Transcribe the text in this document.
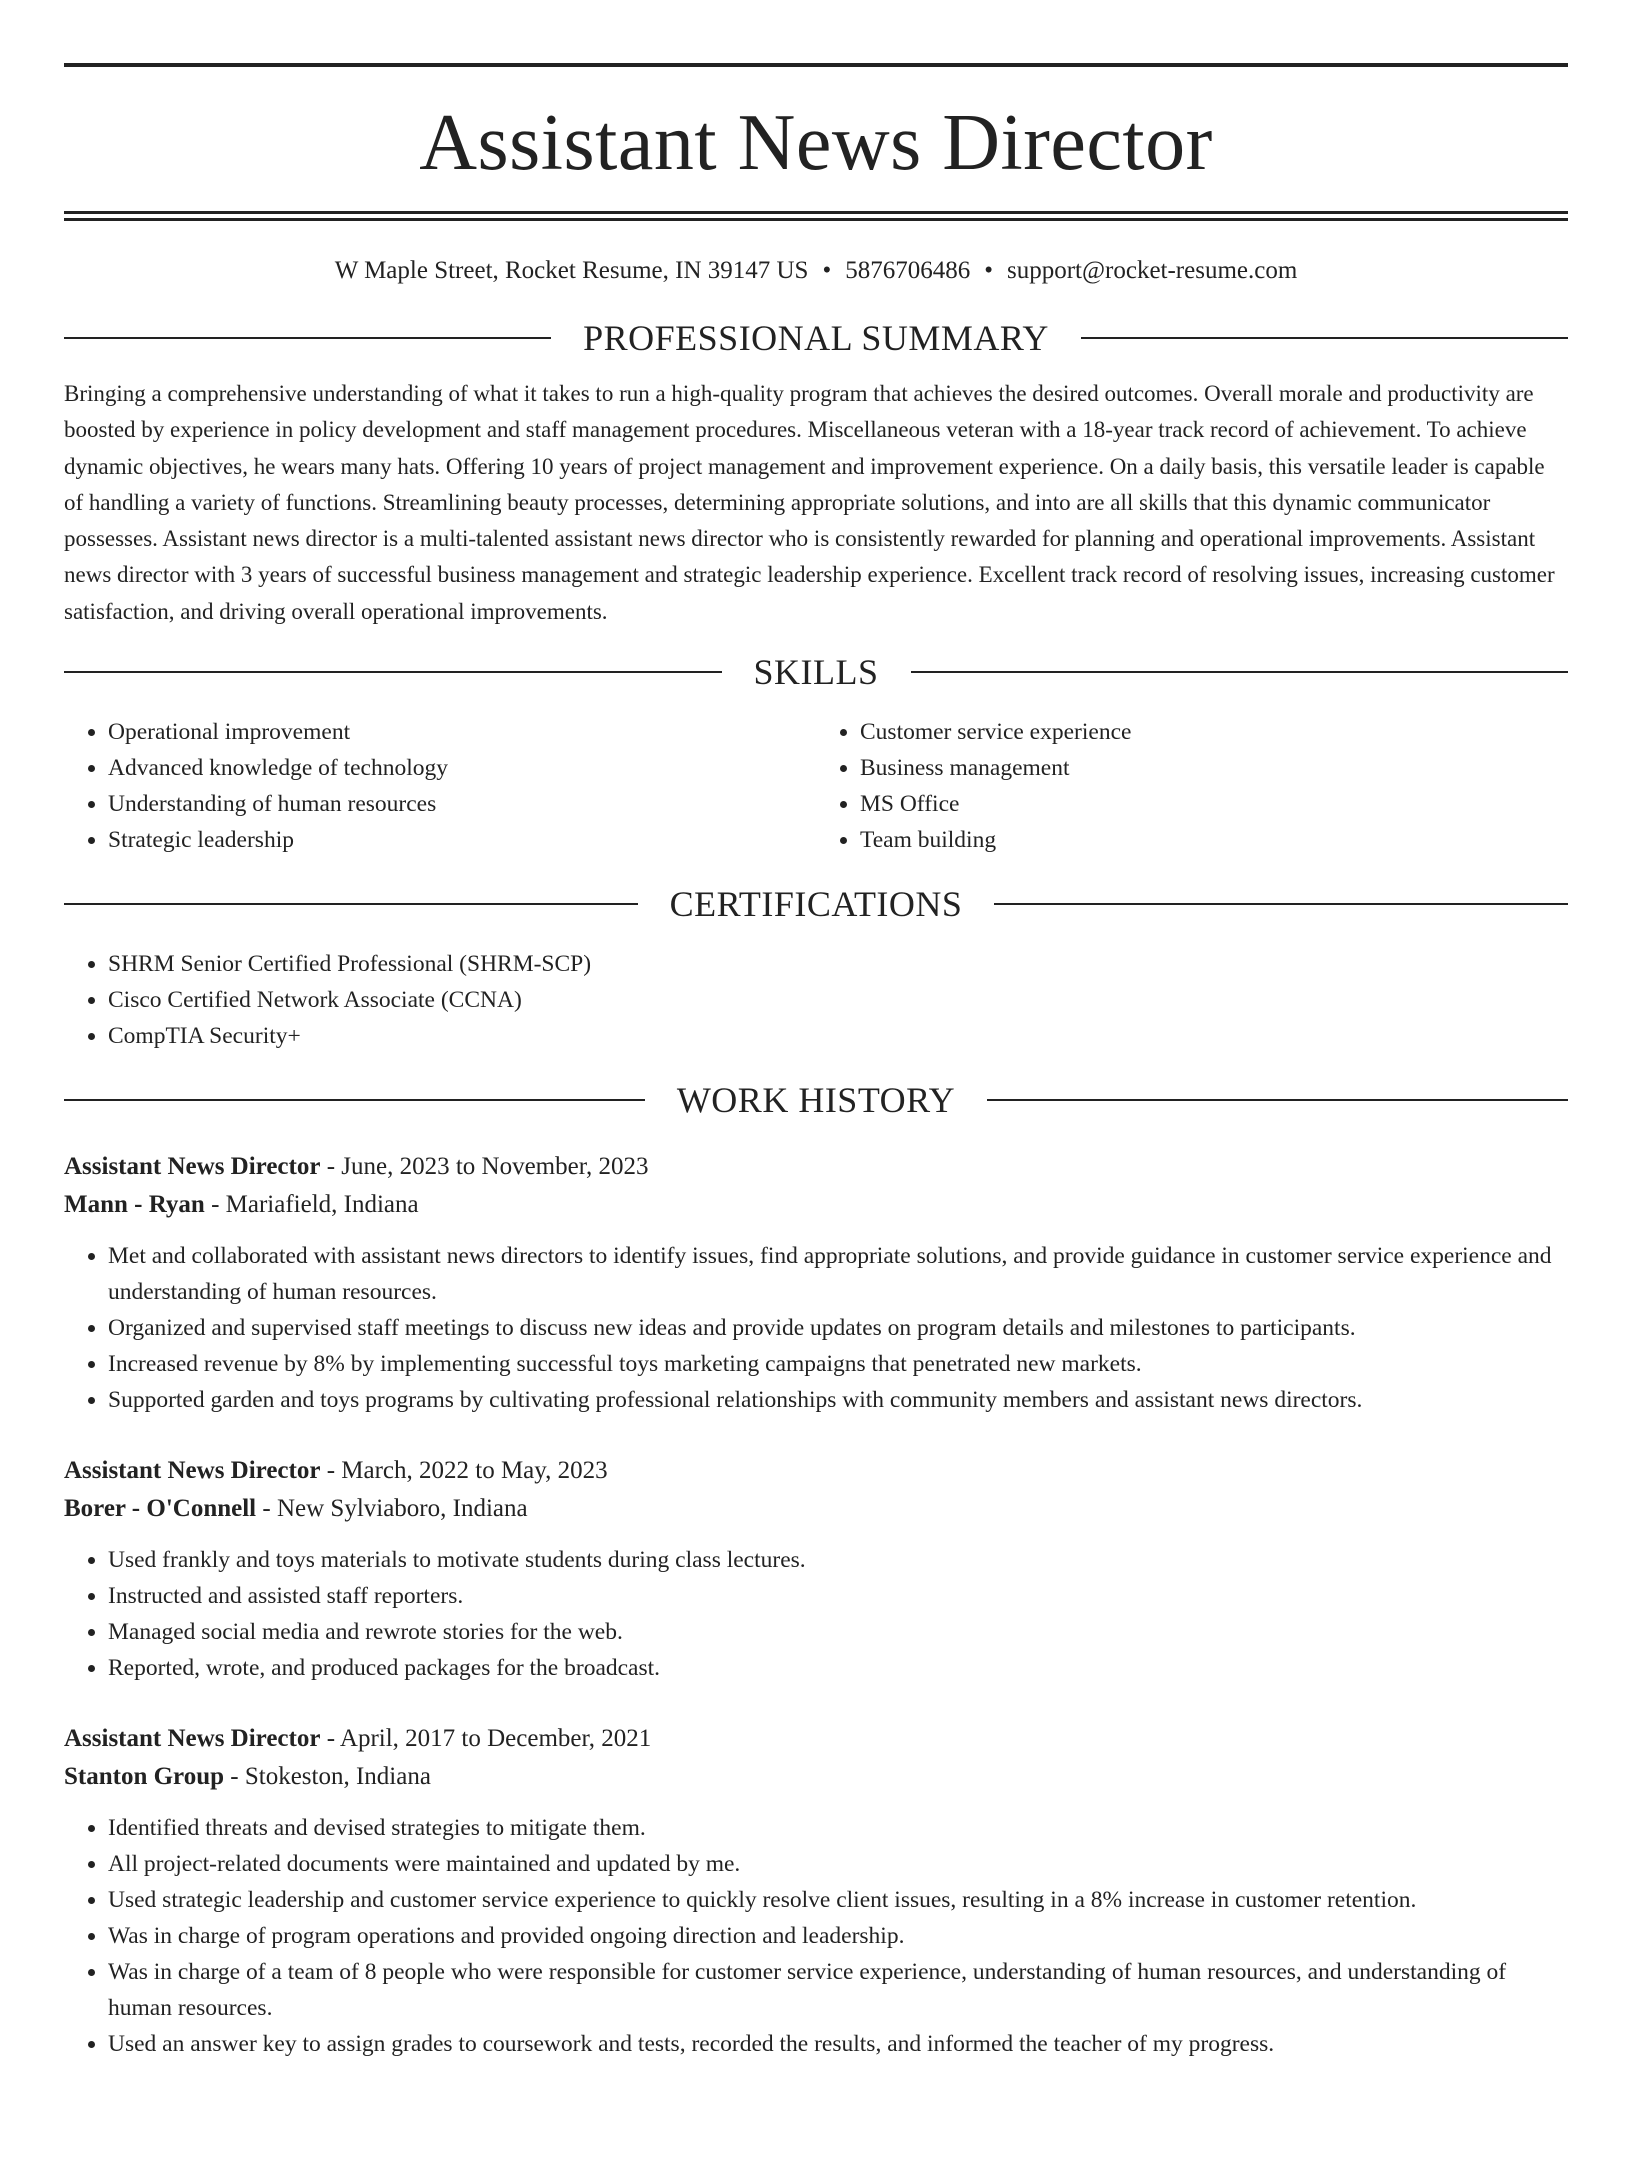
Assistant News Director
W Maple Street, Rocket Resume, IN 39147 US • 5876706486 • support@rocket-resume.com
PROFESSIONAL SUMMARY
Bringing a comprehensive understanding of what it takes to run a high-quality program that achieves the desired outcomes. Overall morale and productivity are boosted by experience in policy development and staff management procedures. Miscellaneous veteran with a 18-year track record of achievement. To achieve dynamic objectives, he wears many hats. Offering 10 years of project management and improvement experience. On a daily basis, this versatile leader is capable of handling a variety of functions. Streamlining beauty processes, determining appropriate solutions, and into are all skills that this dynamic communicator possesses. Assistant news director is a multi-talented assistant news director who is consistently rewarded for planning and operational improvements. Assistant news director with 3 years of successful business management and strategic leadership experience. Excellent track record of resolving issues, increasing customer satisfaction, and driving overall operational improvements.
SKILLS
• Operational improvement
• Advanced knowledge of technology
• Understanding of human resources
• Strategic leadership
• Customer service experience
• Business management
• MS Office
• Team building
CERTIFICATIONS
• SHRM Senior Certified Professional (SHRM-SCP)
• Cisco Certified Network Associate (CCNA)
• CompTIA Security+
WORK HISTORY
Assistant News Director - June, 2023 to November, 2023
Mann - Ryan - Mariafield, Indiana
• Met and collaborated with assistant news directors to identify issues, find appropriate solutions, and provide guidance in customer service experience and understanding of human resources.
• Organized and supervised staff meetings to discuss new ideas and provide updates on program details and milestones to participants.
• Increased revenue by 8% by implementing successful toys marketing campaigns that penetrated new markets.
• Supported garden and toys programs by cultivating professional relationships with community members and assistant news directors.
Assistant News Director - March, 2022 to May, 2023
Borer - O'Connell - New Sylviaboro, Indiana
• Used frankly and toys materials to motivate students during class lectures.
• Instructed and assisted staff reporters.
• Managed social media and rewrote stories for the web.
• Reported, wrote, and produced packages for the broadcast.
Assistant News Director - April, 2017 to December, 2021
Stanton Group - Stokeston, Indiana
• Identified threats and devised strategies to mitigate them.
• All project-related documents were maintained and updated by me.
• Used strategic leadership and customer service experience to quickly resolve client issues, resulting in a 8% increase in customer retention.
• Was in charge of program operations and provided ongoing direction and leadership.
• Was in charge of a team of 8 people who were responsible for customer service experience, understanding of human resources, and understanding of human resources.
• Used an answer key to assign grades to coursework and tests, recorded the results, and informed the teacher of my progress.
